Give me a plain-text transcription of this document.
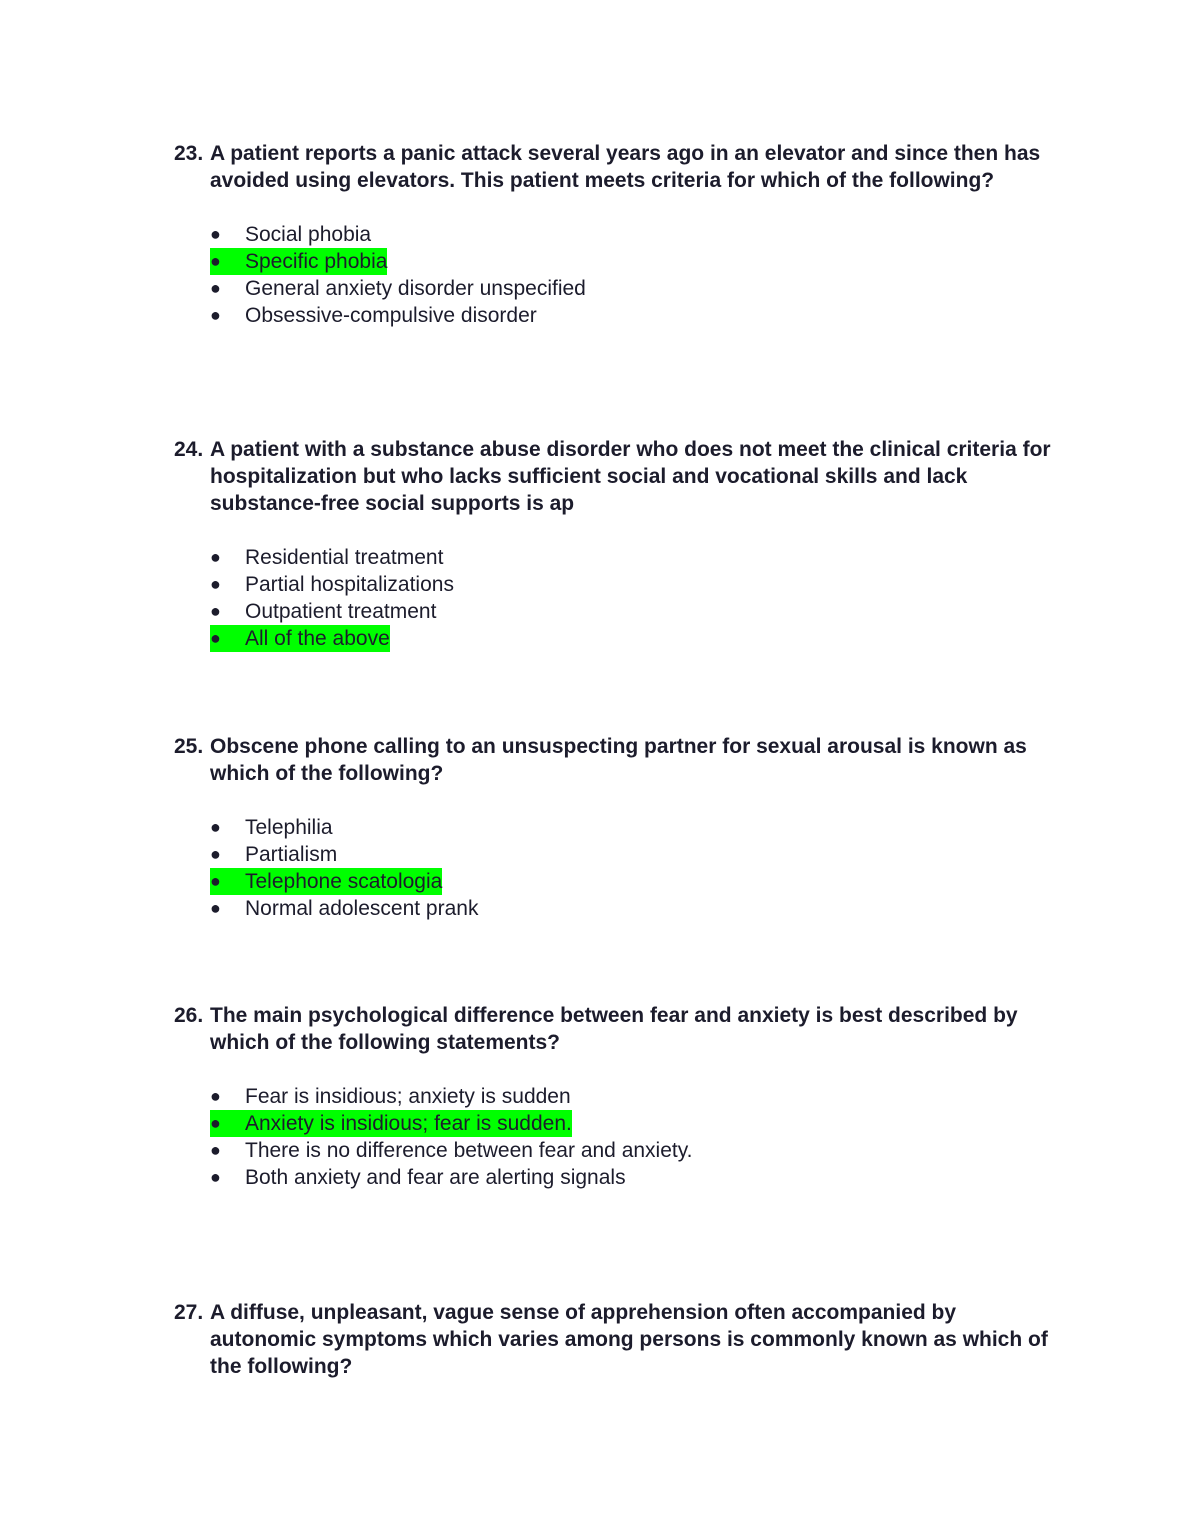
23. A patient reports a panic attack several years ago in an elevator and since then has avoided using elevators. This patient meets criteria for which of the following?
● Social phobia
● Specific phobia
● General anxiety disorder unspecified
● Obsessive-compulsive disorder
24. A patient with a substance abuse disorder who does not meet the clinical criteria for hospitalization but who lacks sufficient social and vocational skills and lack substance-free social supports is ap
● Residential treatment
● Partial hospitalizations
● Outpatient treatment
● All of the above
25. Obscene phone calling to an unsuspecting partner for sexual arousal is known as which of the following?
● Telephilia
● Partialism
● Telephone scatologia
● Normal adolescent prank
26. The main psychological difference between fear and anxiety is best described by which of the following statements?
● Fear is insidious; anxiety is sudden
● Anxiety is insidious; fear is sudden.
● There is no difference between fear and anxiety.
● Both anxiety and fear are alerting signals
27. A diffuse, unpleasant, vague sense of apprehension often accompanied by autonomic symptoms which varies among persons is commonly known as which of the following?
